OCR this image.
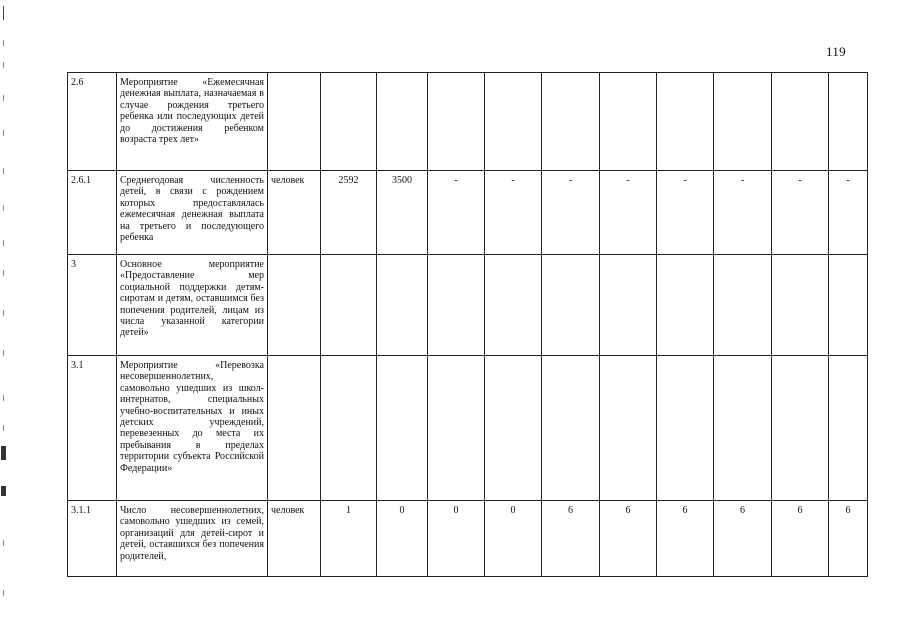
119
2.6	Мероприятие «Ежемесячная денежная выплата, назначаемая в случае рождения третьего ребенка или последующих детей до достижения ребенком возраста трех лет»											
2.6.1	Среднегодовая численность детей, в связи с рождением которых предоставлялась ежемесячная денежная выплата на третьего и последующего ребенка	человек	2592	3500	-	-	-	-	-	-	-	-
3	Основное мероприятие «Предоставление мер социальной поддержки детям-сиротам и детям, оставшимся без попечения родителей, лицам из числа указанной категории детей»											
3.1	Мероприятие «Перевозка несовершеннолетних, самовольно ушедших из школ-интернатов, специальных учебно-воспитательных и иных детских учреждений, перевезенных до места их пребывания в пределах территории субъекта Российской Федерации»											
3.1.1	Число несовершеннолетних, самовольно ушедших из семей, организаций для детей-сирот и детей, оставшихся без попечения родителей,	человек	1	0	0	0	6	6	6	6	6	6
